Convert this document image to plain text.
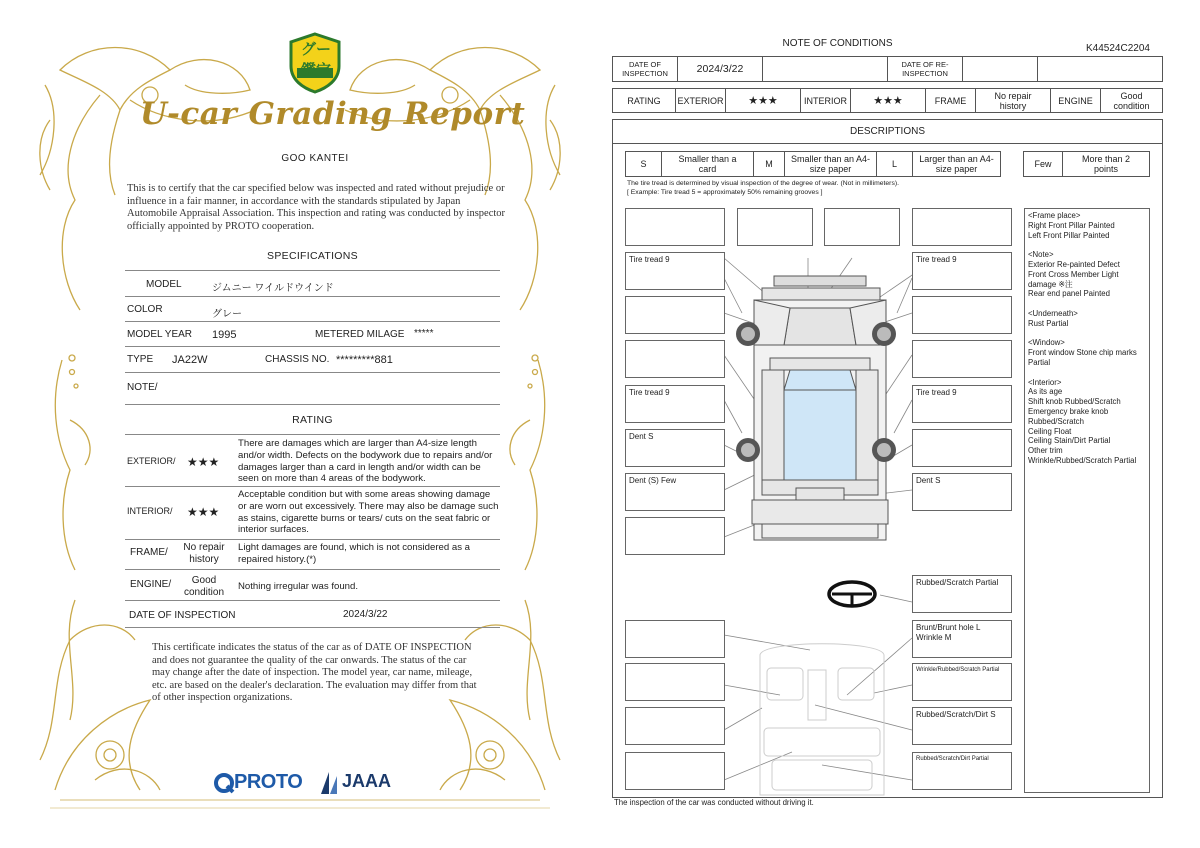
グー鑑定
U-car Grading Report
GOO KANTEI
This is to certify that the car specified below was inspected and rated without prejudice or influence in a fair manner, in accordance with the standards stipulated by Japan Automobile Appraisal Association. This inspection and rating was conducted by inspector officially appointed by PROTO cooperation.
SPECIFICATIONS
MODEL	ジムニー ワイルドウインド
COLOR	グレー
MODEL YEAR 1995	METERED MILAGE *****
TYPE JA22W	CHASSIS NO. *********881
NOTE/
RATING
EXTERIOR/ ★★★
There are damages which are larger than A4-size length and/or width. Defects on the bodywork due to repairs and/or damages larger than a card in length and/or width can be seen on more than 4 areas of the bodywork.
INTERIOR/ ★★★
Acceptable condition but with some areas showing damage or are worn out excessively. There may also be damage such as stains, cigarette burns or tears/ cuts on the seat fabric or interior surfaces.
FRAME/	No repair history
Light damages are found, which is not considered as a repaired history.(*)
ENGINE/	Good condition
Nothing irregular was found.
DATE OF INSPECTION	2024/3/22
This certificate indicates the status of the car as of DATE OF INSPECTION and does not guarantee the quality of the car onwards. The status of the car may change after the date of inspection. The model year, car name, mileage, etc. are based on the dealer's declaration. The evaluation may differ from that of other inspection organizations.
PROTO JAAA
NOTE OF CONDITIONS	K44524C2204
DATE OF INSPECTION	2024/3/22	DATE OF RE-INSPECTION
RATING	EXTERIOR	★★★	INTERIOR	★★★	FRAME	No repair history	ENGINE	Good condition
DESCRIPTIONS
S	Smaller than a card	M	Smaller than an A4-size paper	L	Larger than an A4-size paper	Few	More than 2 points
The tire tread is determined by visual inspection of the degree of wear. (Not in millimeters).
[ Example: Tire tread 5 = approximately 50% remaining grooves ]
Tire tread 9	Tire tread 9
Tire tread 9	Tire tread 9
Dent S
Dent (S) Few	Dent S
Rubbed/Scratch Partial
Brunt/Brunt hole L Wrinkle M
Wrinkle/Rubbed/Scratch Partial
Rubbed/Scratch/Dirt S
Rubbed/Scratch/Dirt Partial
<Frame place>
Right Front Pillar Painted
Left Front Pillar Painted
<Note>
Exterior Re-painted Defect
Front Cross Member Light damage ※注
Rear end panel Painted
<Underneath>
Rust Partial
<Window>
Front window Stone chip marks Partial
<Interior>
As its age
Shift knob Rubbed/Scratch
Emergency brake knob Rubbed/Scratch
Ceiling Float
Ceiling Stain/Dirt Partial
Other trim
Wrinkle/Rubbed/Scratch Partial
The inspection of the car was conducted without driving it.
